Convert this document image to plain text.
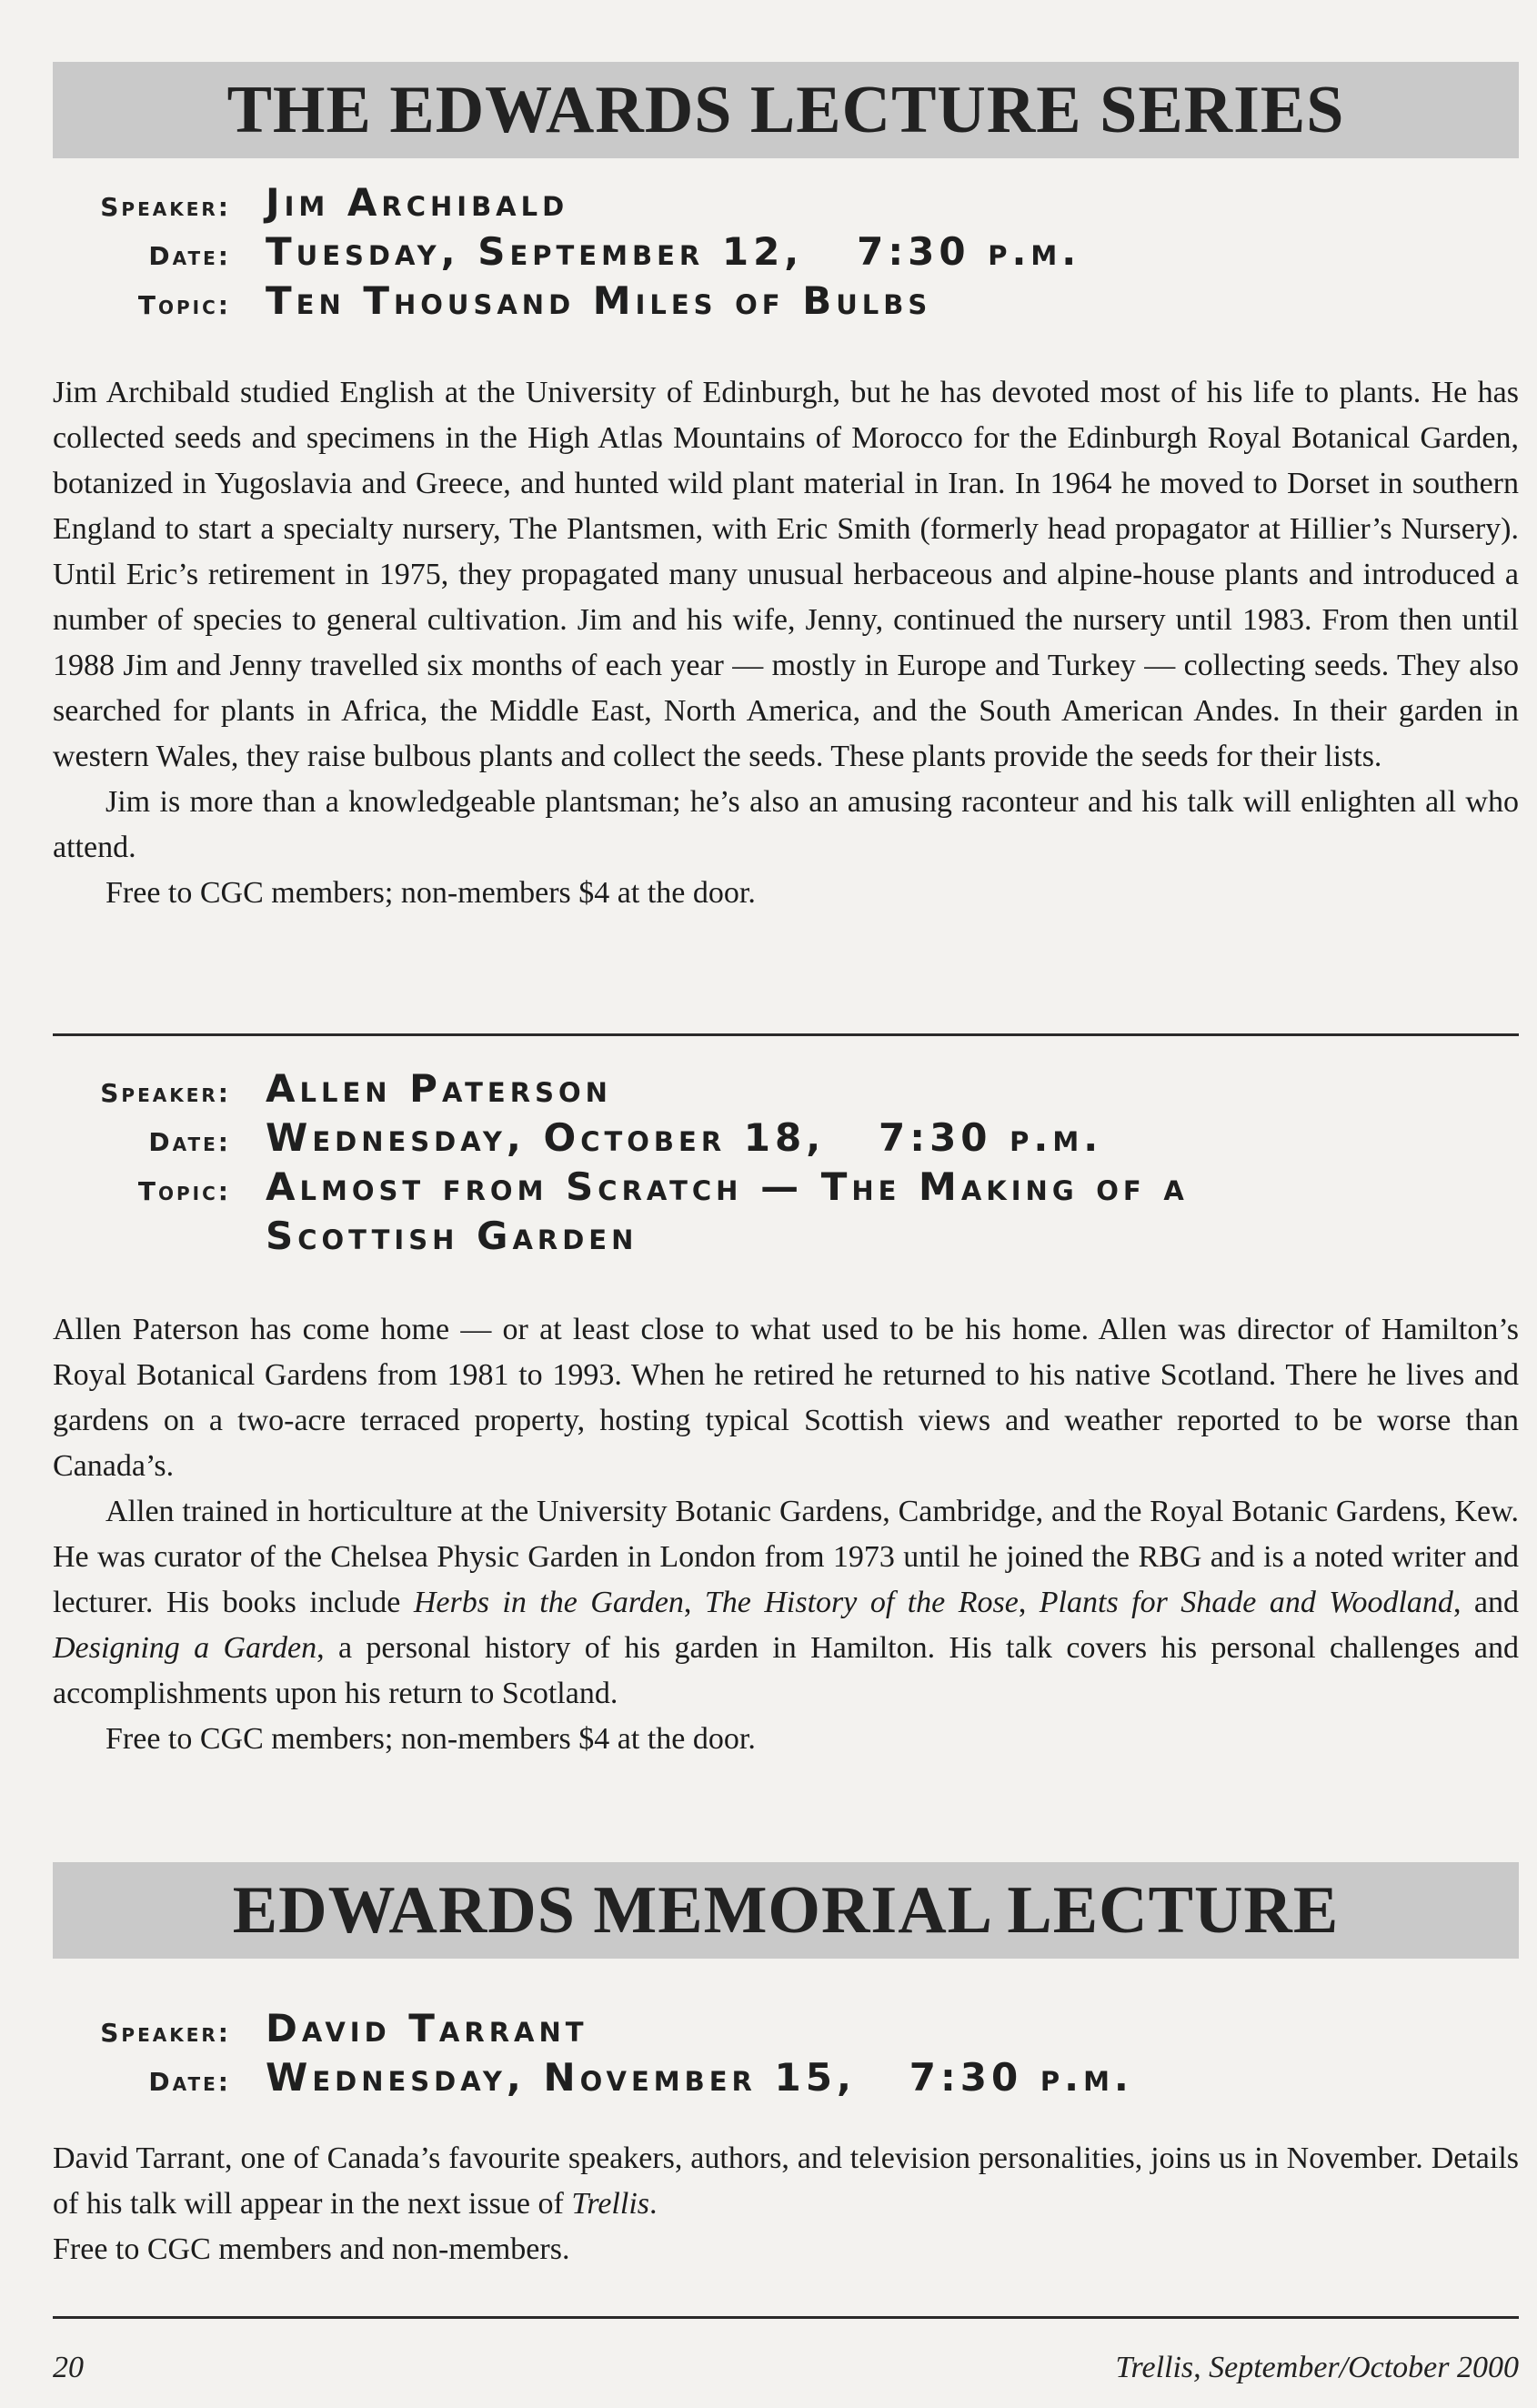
THE EDWARDS LECTURE SERIES
Speaker: Jim Archibald
Date: Tuesday, September 12,   7:30 p.m.
Topic: Ten Thousand Miles of Bulbs

Jim Archibald studied English at the University of Edinburgh, but he has devoted most of his life to plants. He has collected seeds and specimens in the High Atlas Mountains of Morocco for the Edinburgh Royal Botanical Garden, botanized in Yugoslavia and Greece, and hunted wild plant material in Iran. In 1964 he moved to Dorset in southern England to start a specialty nursery, The Plantsmen, with Eric Smith (formerly head propagator at Hillier’s Nursery). Until Eric’s retirement in 1975, they propagated many unusual herbaceous and alpine-house plants and introduced a number of species to general cultivation. Jim and his wife, Jenny, continued the nursery until 1983. From then until 1988 Jim and Jenny travelled six months of each year — mostly in Europe and Turkey — collecting seeds. They also searched for plants in Africa, the Middle East, North America, and the South American Andes. In their garden in western Wales, they raise bulbous plants and collect the seeds. These plants provide the seeds for their lists.

Jim is more than a knowledgeable plantsman; he’s also an amusing raconteur and his talk will enlighten all who attend.

Free to CGC members; non-members $4 at the door.

Speaker: Allen Paterson
Date: Wednesday, October 18,   7:30 p.m.
Topic: Almost from Scratch — The Making of a Scottish Garden

Allen Paterson has come home — or at least close to what used to be his home. Allen was director of Hamilton’s Royal Botanical Gardens from 1981 to 1993. When he retired he returned to his native Scotland. There he lives and gardens on a two-acre terraced property, hosting typical Scottish views and weather reported to be worse than Canada’s.

Allen trained in horticulture at the University Botanic Gardens, Cambridge, and the Royal Botanic Gardens, Kew. He was curator of the Chelsea Physic Garden in London from 1973 until he joined the RBG and is a noted writer and lecturer. His books include Herbs in the Garden, The History of the Rose, Plants for Shade and Woodland, and Designing a Garden, a personal history of his garden in Hamilton. His talk covers his personal challenges and accomplishments upon his return to Scotland.

Free to CGC members; non-members $4 at the door.

EDWARDS MEMORIAL LECTURE
Speaker: David Tarrant
Date: Wednesday, November 15,   7:30 p.m.

David Tarrant, one of Canada’s favourite speakers, authors, and television personalities, joins us in November. Details of his talk will appear in the next issue of Trellis.

Free to CGC members and non-members.

20	Trellis, September/October 2000
